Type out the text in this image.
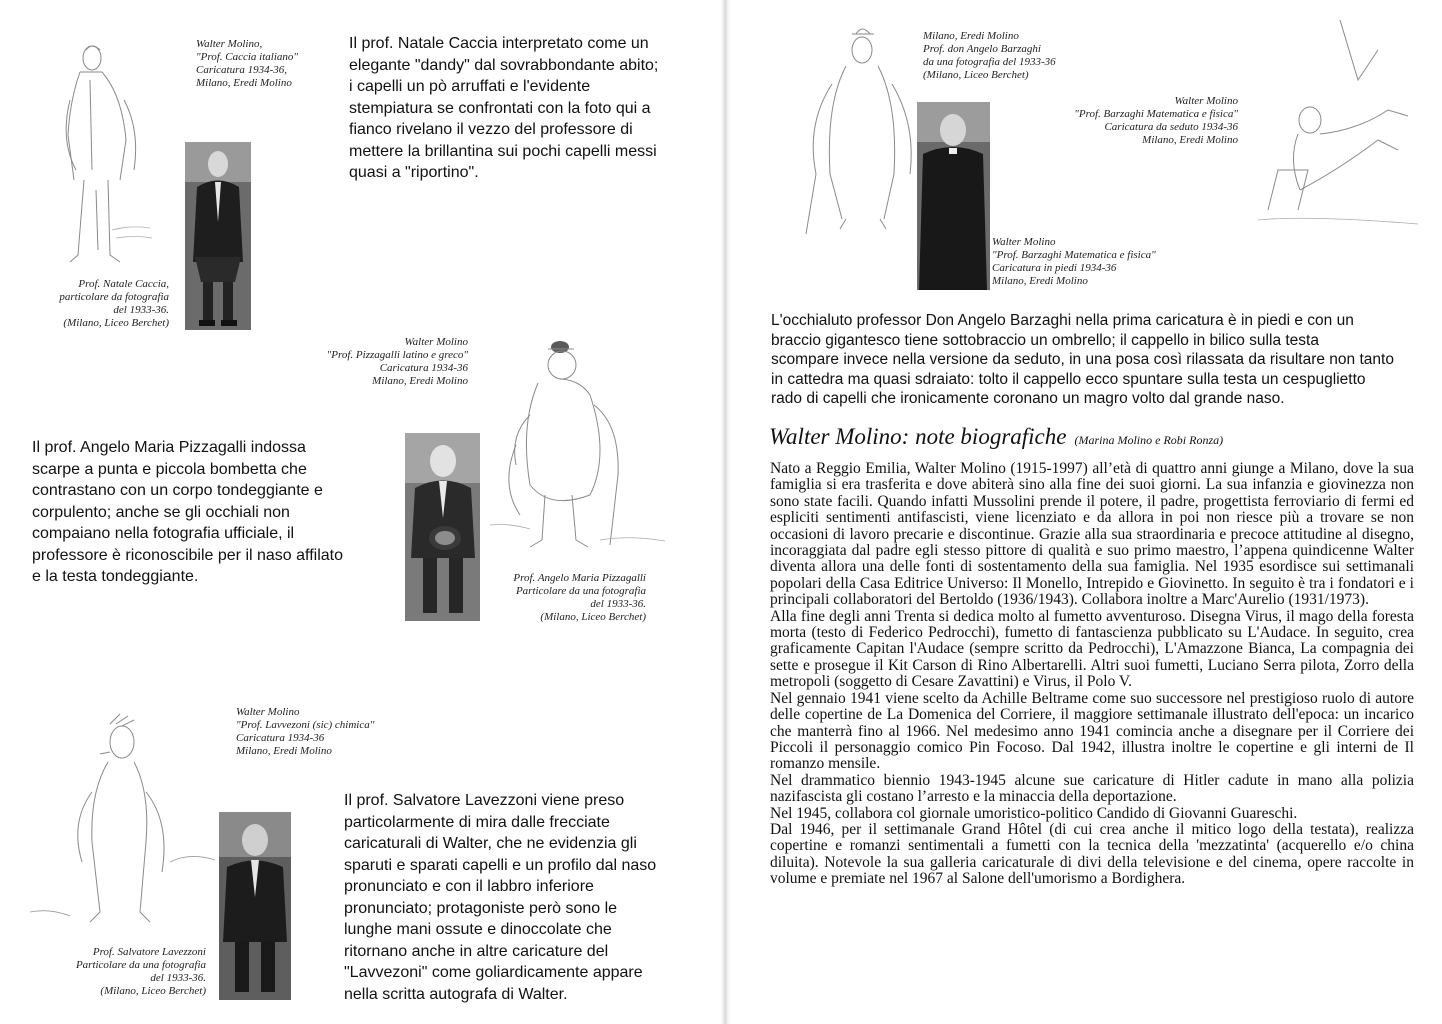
Walter Molino,
"Prof. Caccia italiano"
Caricatura 1934-36,
Milano, Eredi Molino
Prof. Natale Caccia,
particolare da fotografia
del 1933-36.
(Milano, Liceo Berchet)
Il prof. Natale Caccia interpretato come un
elegante "dandy" dal sovrabbondante abito;
i capelli un pò arruffati e l'evidente
stempiatura se confrontati con la foto qui a
fianco rivelano il vezzo del professore di
mettere la brillantina sui pochi capelli messi
quasi a "riportino".
Walter Molino
"Prof. Pizzagalli latino e greco"
Caricatura 1934-36
Milano, Eredi Molino
Il prof. Angelo Maria Pizzagalli indossa
scarpe a punta e piccola bombetta che
contrastano con un corpo tondeggiante e
corpulento; anche se gli occhiali non
compaiano nella fotografia ufficiale, il
professore è riconoscibile per il naso affilato
e la testa tondeggiante.	Prof. Angelo Maria Pizzagalli
Particolare da una fotografia
del 1933-36.
(Milano, Liceo Berchet)
Walter Molino
"Prof. Lavvezoni (sic) chimica"
Caricatura 1934-36
Milano, Eredi Molino
Prof. Salvatore Lavezzoni
Particolare da una fotografia
del 1933-36.
(Milano, Liceo Berchet)
Il prof. Salvatore Lavezzoni viene preso
particolarmente di mira dalle frecciate
caricaturali di Walter, che ne evidenzia gli
sparuti e sparati capelli e un profilo dal naso
pronunciato e con il labbro inferiore
pronunciato; protagoniste però sono le
lunghe mani ossute e dinoccolate che
ritornano anche in altre caricature del
"Lavvezoni" come goliardicamente appare
nella scritta autografa di Walter.
Milano, Eredi Molino
Prof. don Angelo Barzaghi
da una fotografia del 1933-36
(Milano, Liceo Berchet)
Walter Molino
"Prof. Barzaghi Matematica e fisica"
Caricatura da seduto 1934-36
Milano, Eredi Molino
Walter Molino
"Prof. Barzaghi Matematica e fisica"
Caricatura in piedi 1934-36
Milano, Eredi Molino
L'occhialuto professor Don Angelo Barzaghi nella prima caricatura è in piedi e con un
braccio gigantesco tiene sottobraccio un ombrello; il cappello in bilico sulla testa
scompare invece nella versione da seduto, in una posa così rilassata da risultare non tanto
in cattedra ma quasi sdraiato: tolto il cappello ecco spuntare sulla testa un cespuglietto
rado di capelli che ironicamente coronano un magro volto dal grande naso.
Walter Molino: note biografiche (Marina Molino e Robi Ronza)

Nato a Reggio Emilia, Walter Molino (1915-1997) all’età di quattro anni giunge a Milano, dove la sua famiglia si era trasferita e dove abiterà sino alla fine dei suoi giorni. La sua infanzia e giovinezza non sono state facili. Quando infatti Mussolini prende il potere, il padre, progettista ferroviario di fermi ed espliciti sentimenti antifascisti, viene licenziato e da allora in poi non riesce più a trovare se non occasioni di lavoro precarie e discontinue. Grazie alla sua straordinaria e precoce attitudine al disegno, incoraggiata dal padre egli stesso pittore di qualità e suo primo maestro, l’appena quindicenne Walter diventa allora una delle fonti di sostentamento della sua famiglia. Nel 1935 esordisce sui settimanali popolari della Casa Editrice Universo: Il Monello, Intrepido e Giovinetto. In seguito è tra i fondatori e i principali collaboratori del Bertoldo (1936/1943). Collabora inoltre a Marc'Aurelio (1931/1973).

Alla fine degli anni Trenta si dedica molto al fumetto avventuroso. Disegna Virus, il mago della foresta morta (testo di Federico Pedrocchi), fumetto di fantascienza pubblicato su L'Audace. In seguito, crea graficamente Capitan l'Audace (sempre scritto da Pedrocchi), L'Amazzone Bianca, La compagnia dei sette e prosegue il Kit Carson di Rino Albertarelli. Altri suoi fumetti, Luciano Serra pilota, Zorro della metropoli (soggetto di Cesare Zavattini) e Virus, il Polo V.

Nel gennaio 1941 viene scelto da Achille Beltrame come suo successore nel prestigioso ruolo di autore delle copertine de La Domenica del Corriere, il maggiore settimanale illustrato dell'epoca: un incarico che manterrà fino al 1966. Nel medesimo anno 1941 comincia anche a disegnare per il Corriere dei Piccoli il personaggio comico Pin Focoso. Dal 1942, illustra inoltre le copertine e gli interni de Il romanzo mensile.

Nel drammatico biennio 1943-1945 alcune sue caricature di Hitler cadute in mano alla polizia nazifascista gli costano l’arresto e la minaccia della deportazione.

Nel 1945, collabora col giornale umoristico-politico Candido di Giovanni Guareschi.

Dal 1946, per il settimanale Grand Hôtel (di cui crea anche il mitico logo della testata), realizza copertine e romanzi sentimentali a fumetti con la tecnica della 'mezzatinta' (acquerello e/o china diluita). Notevole la sua galleria caricaturale di divi della televisione e del cinema, opere raccolte in volume e premiate nel 1967 al Salone dell'umorismo a Bordighera.
